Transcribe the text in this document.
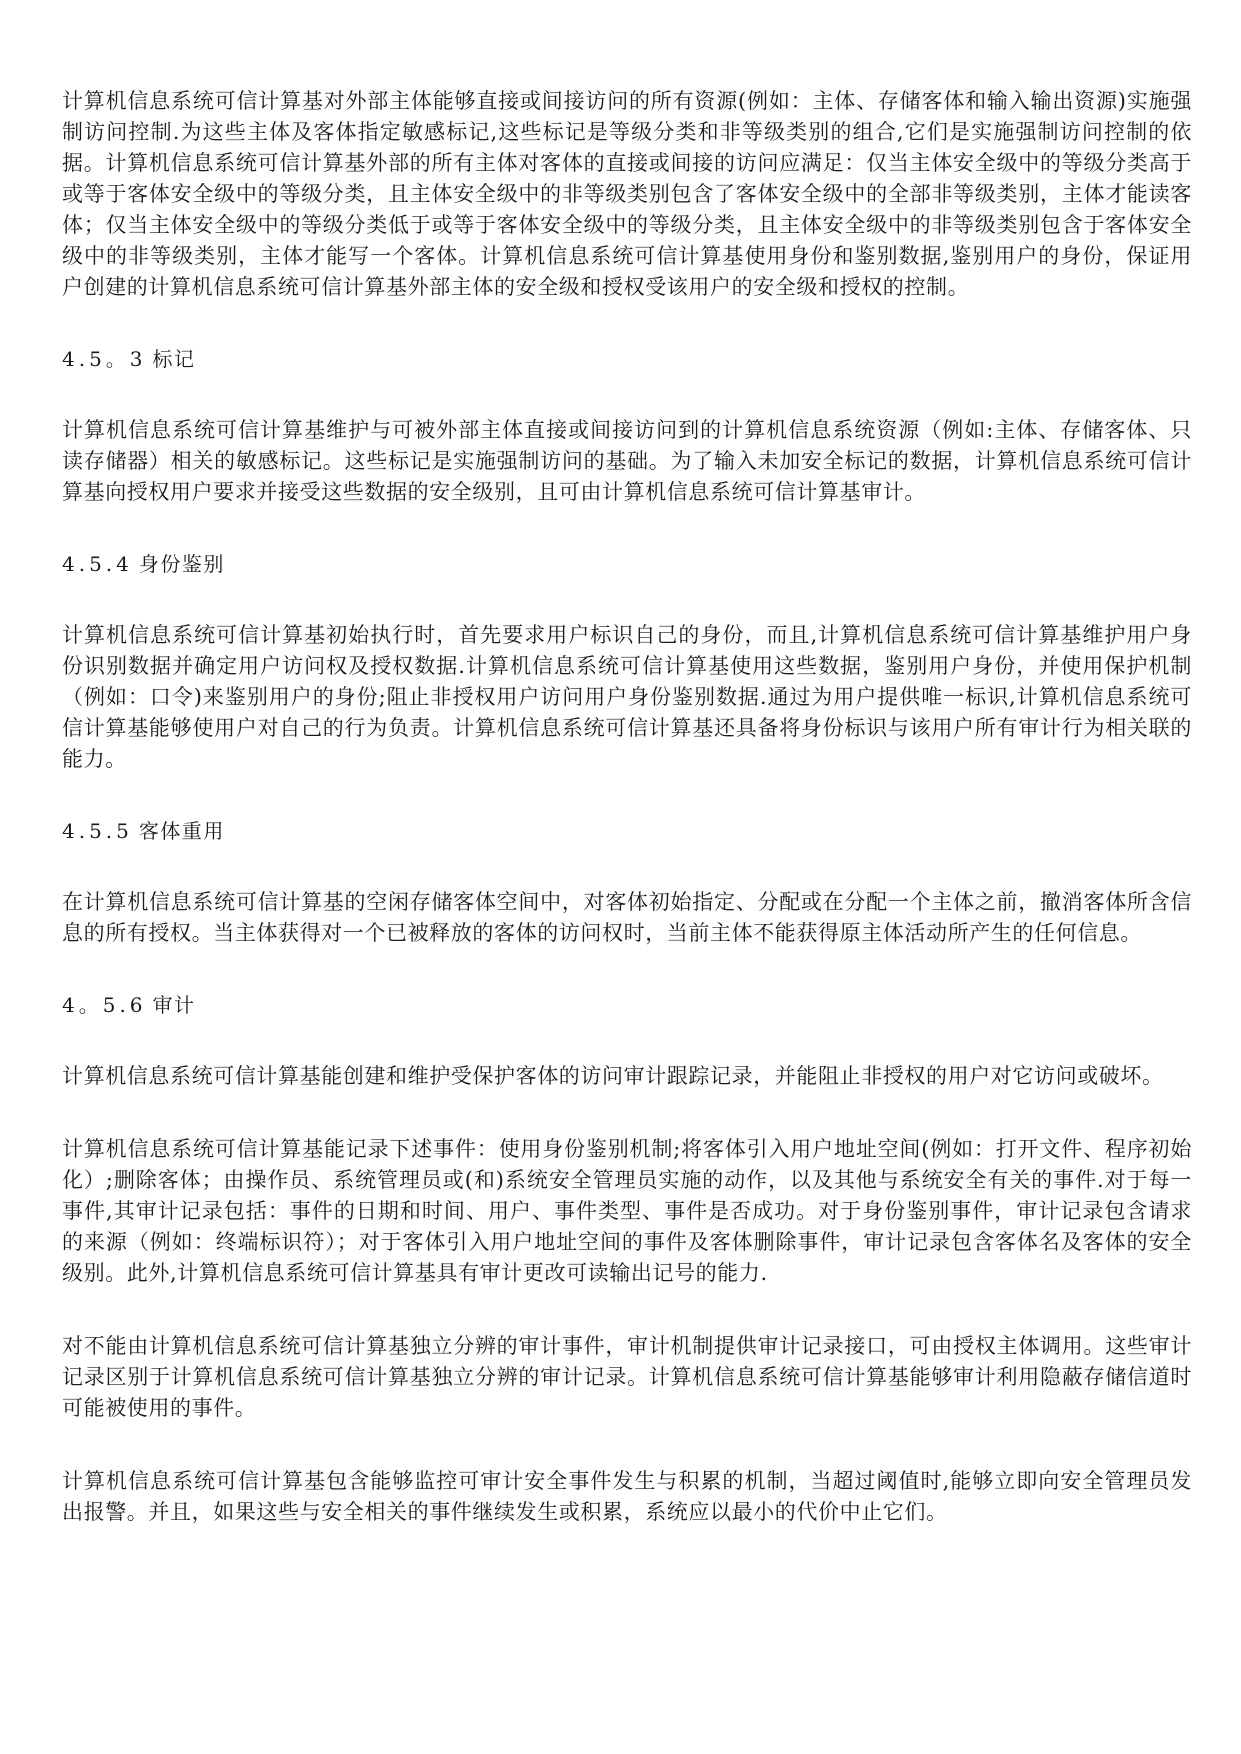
计算机信息系统可信计算基对外部主体能够直接或间接访问的所有资源(例如：主体、存储客体和输入输出资源)实施强制访问控制.为这些主体及客体指定敏感标记,这些标记是等级分类和非等级类别的组合,它们是实施强制访问控制的依据。计算机信息系统可信计算基外部的所有主体对客体的直接或间接的访问应满足：仅当主体安全级中的等级分类高于或等于客体安全级中的等级分类，且主体安全级中的非等级类别包含了客体安全级中的全部非等级类别，主体才能读客体；仅当主体安全级中的等级分类低于或等于客体安全级中的等级分类，且主体安全级中的非等级类别包含于客体安全级中的非等级类别，主体才能写一个客体。计算机信息系统可信计算基使用身份和鉴别数据,鉴别用户的身份，保证用户创建的计算机信息系统可信计算基外部主体的安全级和授权受该用户的安全级和授权的控制。

4.5。3 标记

计算机信息系统可信计算基维护与可被外部主体直接或间接访问到的计算机信息系统资源（例如:主体、存储客体、只读存储器）相关的敏感标记。这些标记是实施强制访问的基础。为了输入未加安全标记的数据，计算机信息系统可信计算基向授权用户要求并接受这些数据的安全级别，且可由计算机信息系统可信计算基审计。

4.5.4 身份鉴别

计算机信息系统可信计算基初始执行时，首先要求用户标识自己的身份，而且,计算机信息系统可信计算基维护用户身份识别数据并确定用户访问权及授权数据.计算机信息系统可信计算基使用这些数据，鉴别用户身份，并使用保护机制（例如：口令)来鉴别用户的身份;阻止非授权用户访问用户身份鉴别数据.通过为用户提供唯一标识,计算机信息系统可信计算基能够使用户对自己的行为负责。计算机信息系统可信计算基还具备将身份标识与该用户所有审计行为相关联的能力。

4.5.5 客体重用

在计算机信息系统可信计算基的空闲存储客体空间中，对客体初始指定、分配或在分配一个主体之前，撤消客体所含信息的所有授权。当主体获得对一个已被释放的客体的访问权时，当前主体不能获得原主体活动所产生的任何信息。

4。5.6 审计

计算机信息系统可信计算基能创建和维护受保护客体的访问审计跟踪记录，并能阻止非授权的用户对它访问或破坏。

计算机信息系统可信计算基能记录下述事件：使用身份鉴别机制;将客体引入用户地址空间(例如：打开文件、程序初始化）;删除客体；由操作员、系统管理员或(和)系统安全管理员实施的动作，以及其他与系统安全有关的事件.对于每一事件,其审计记录包括：事件的日期和时间、用户、事件类型、事件是否成功。对于身份鉴别事件，审计记录包含请求的来源（例如：终端标识符）；对于客体引入用户地址空间的事件及客体删除事件，审计记录包含客体名及客体的安全级别。此外,计算机信息系统可信计算基具有审计更改可读输出记号的能力.

对不能由计算机信息系统可信计算基独立分辨的审计事件，审计机制提供审计记录接口，可由授权主体调用。这些审计记录区别于计算机信息系统可信计算基独立分辨的审计记录。计算机信息系统可信计算基能够审计利用隐蔽存储信道时可能被使用的事件。

计算机信息系统可信计算基包含能够监控可审计安全事件发生与积累的机制，当超过阈值时,能够立即向安全管理员发出报警。并且，如果这些与安全相关的事件继续发生或积累，系统应以最小的代价中止它们。
